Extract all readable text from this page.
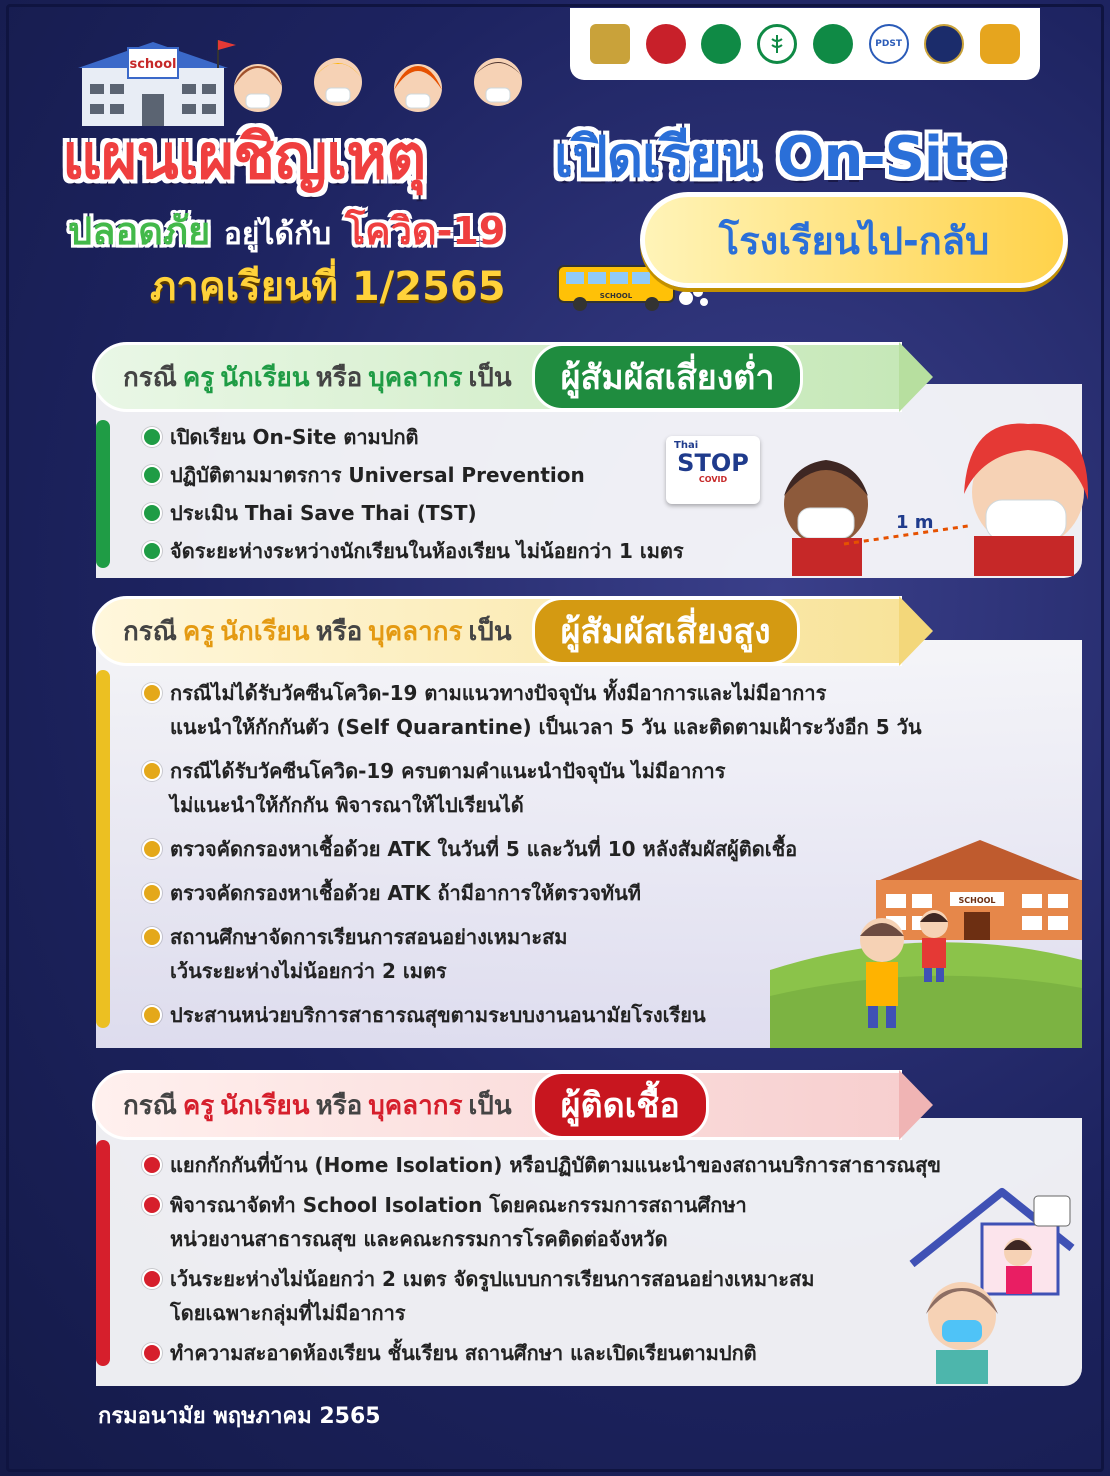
PDST
school
แผนเผชิญเหตุ เปิดเรียน On-Site
ปลอดภัย อยู่ได้กับ โควิด-19
ภาคเรียนที่ 1/2565	SCHOOL
โรงเรียนไป-กลับ
กรณี ครู นักเรียน หรือ บุคลากร เป็น	ผู้สัมผัสเสี่ยงต่ำ
เปิดเรียน On-Site ตามปกติ
ปฏิบัติตามมาตรการ Universal Prevention
ประเมิน Thai Save Thai (TST)
จัดระยะห่างระหว่างนักเรียนในห้องเรียน ไม่น้อยกว่า 1 เมตร
Thai
STOP
COVID
1 m
กรณี ครู นักเรียน หรือ บุคลากร เป็น	ผู้สัมผัสเสี่ยงสูง
กรณีไม่ได้รับวัคซีนโควิด-19 ตามแนวทางปัจจุบัน ทั้งมีอาการและไม่มีอาการ
แนะนำให้กักกันตัว (Self Quarantine) เป็นเวลา 5 วัน และติดตามเฝ้าระวังอีก 5 วัน
กรณีได้รับวัคซีนโควิด-19 ครบตามคำแนะนำปัจจุบัน ไม่มีอาการ
ไม่แนะนำให้กักกัน พิจารณาให้ไปเรียนได้
ตรวจคัดกรองหาเชื้อด้วย ATK ในวันที่ 5 และวันที่ 10 หลังสัมผัสผู้ติดเชื้อ
ตรวจคัดกรองหาเชื้อด้วย ATK ถ้ามีอาการให้ตรวจทันที
สถานศึกษาจัดการเรียนการสอนอย่างเหมาะสม
เว้นระยะห่างไม่น้อยกว่า 2 เมตร
ประสานหน่วยบริการสาธารณสุขตามระบบงานอนามัยโรงเรียน
SCHOOL
กรณี ครู นักเรียน หรือ บุคลากร เป็น	ผู้ติดเชื้อ
แยกกักกันที่บ้าน (Home Isolation) หรือปฏิบัติตามแนะนำของสถานบริการสาธารณสุข
พิจารณาจัดทำ School Isolation โดยคณะกรรมการสถานศึกษา
หน่วยงานสาธารณสุข และคณะกรรมการโรคติดต่อจังหวัด
เว้นระยะห่างไม่น้อยกว่า 2 เมตร จัดรูปแบบการเรียนการสอนอย่างเหมาะสม
โดยเฉพาะกลุ่มที่ไม่มีอาการ
ทำความสะอาดห้องเรียน ชั้นเรียน สถานศึกษา และเปิดเรียนตามปกติ
กรมอนามัย พฤษภาคม 2565
